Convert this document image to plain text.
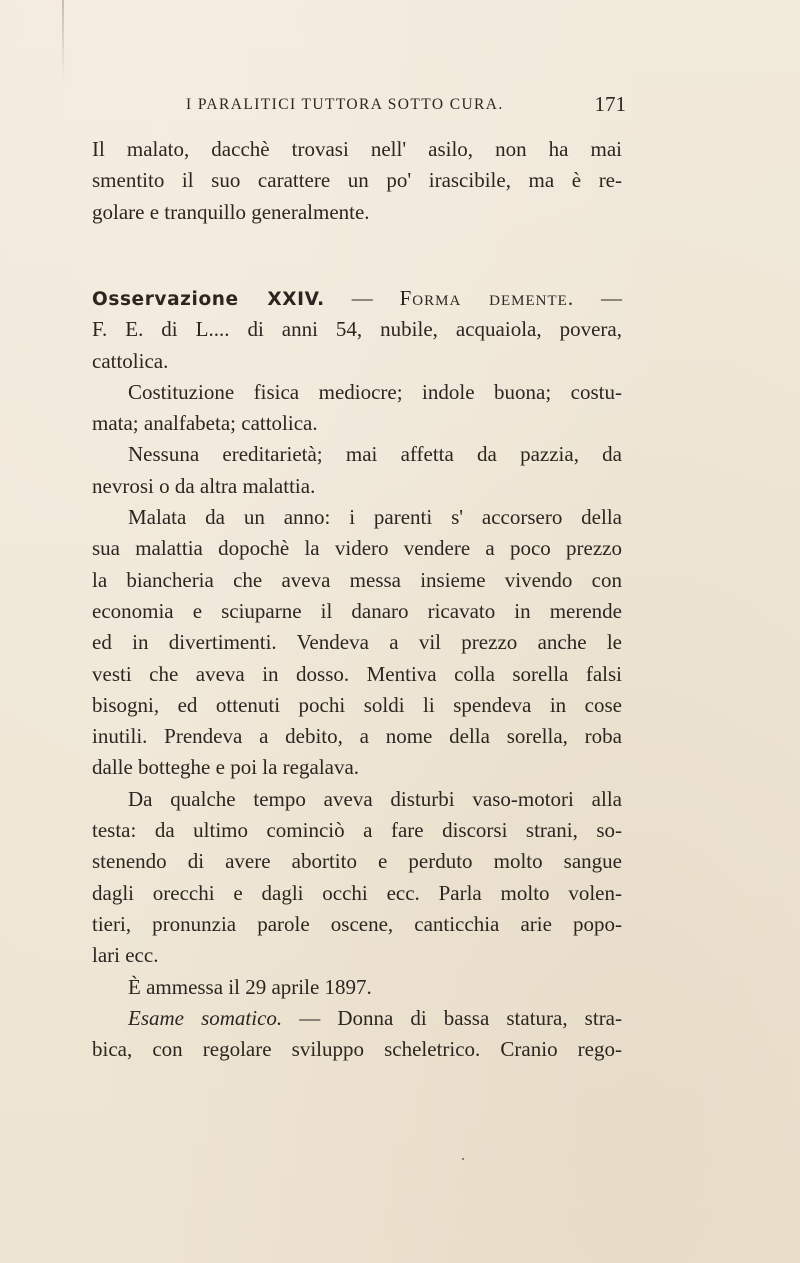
I PARALITICI TUTTORA SOTTO CURA.	171
Il malato, dacchè trovasi nell' asilo, non ha mai
smentito il suo carattere un po' irascibile, ma è re-
golare e tranquillo generalmente.
Osservazione XXIV. — Forma demente. —
F. E. di L.... di anni 54, nubile, acquaiola, povera,
cattolica.
Costituzione fisica mediocre; indole buona; costu-
mata; analfabeta; cattolica.
Nessuna ereditarietà; mai affetta da pazzia, da
nevrosi o da altra malattia.
Malata da un anno: i parenti s' accorsero della
sua malattia dopochè la videro vendere a poco prezzo
la biancheria che aveva messa insieme vivendo con
economia e sciuparne il danaro ricavato in merende
ed in divertimenti. Vendeva a vil prezzo anche le
vesti che aveva in dosso. Mentiva colla sorella falsi
bisogni, ed ottenuti pochi soldi li spendeva in cose
inutili. Prendeva a debito, a nome della sorella, roba
dalle botteghe e poi la regalava.
Da qualche tempo aveva disturbi vaso-motori alla
testa: da ultimo cominciò a fare discorsi strani, so-
stenendo di avere abortito e perduto molto sangue
dagli orecchi e dagli occhi ecc. Parla molto volen-
tieri, pronunzia parole oscene, canticchia arie popo-
lari ecc.
È ammessa il 29 aprile 1897.
Esame somatico. — Donna di bassa statura, stra-
bica, con regolare sviluppo scheletrico. Cranio rego-
